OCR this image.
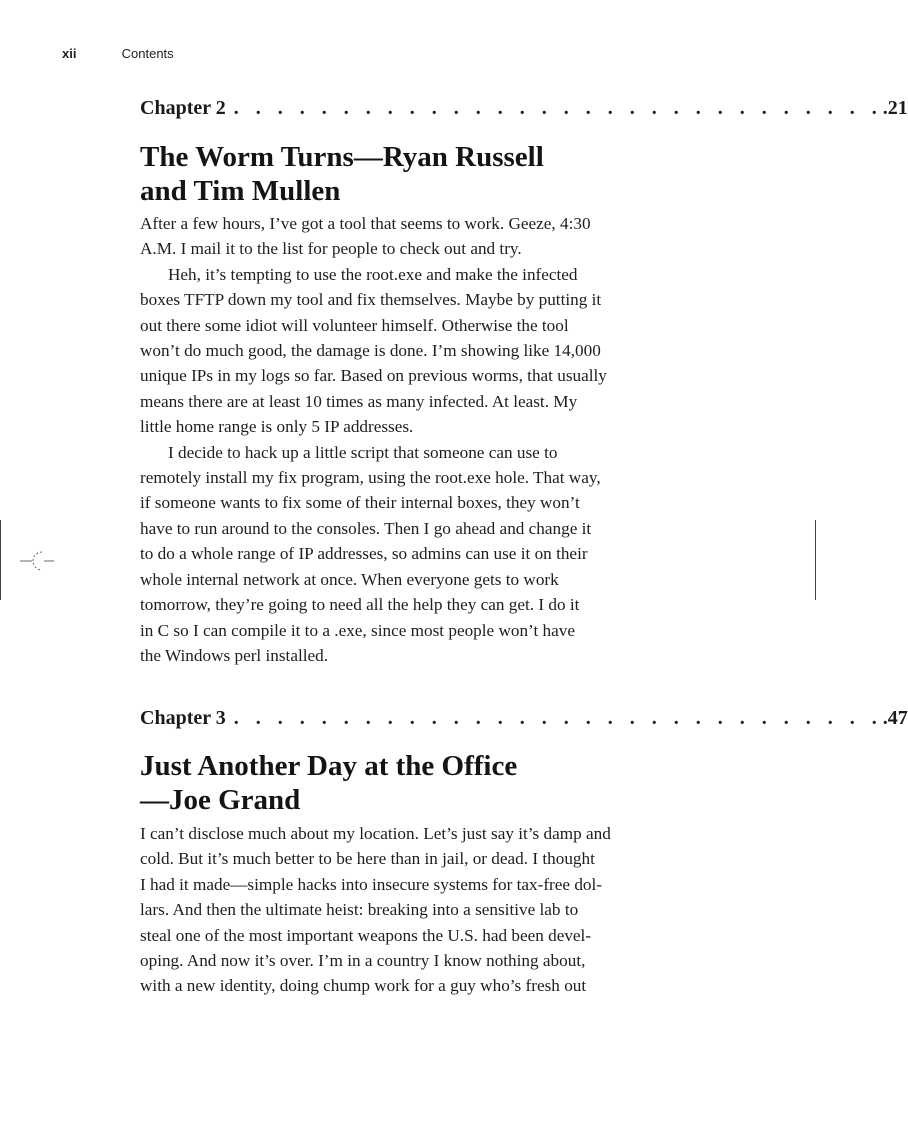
xii	Contents
Chapter 2 . . . . . . . . . . . . . . . . . . . . . . . . . . . . . . .21
The Worm Turns—Ryan Russell
and Tim Mullen

After a few hours, I’ve got a tool that seems to work. Geeze, 4:30
A.M. I mail it to the list for people to check out and try.

Heh, it’s tempting to use the root.exe and make the infected
boxes TFTP down my tool and fix themselves. Maybe by putting it
out there some idiot will volunteer himself. Otherwise the tool
won’t do much good, the damage is done. I’m showing like 14,000
unique IPs in my logs so far. Based on previous worms, that usually
means there are at least 10 times as many infected. At least. My
little home range is only 5 IP addresses.

I decide to hack up a little script that someone can use to
remotely install my fix program, using the root.exe hole. That way,
if someone wants to fix some of their internal boxes, they won’t
have to run around to the consoles. Then I go ahead and change it
to do a whole range of IP addresses, so admins can use it on their
whole internal network at once. When everyone gets to work
tomorrow, they’re going to need all the help they can get. I do it
in C so I can compile it to a .exe, since most people won’t have
the Windows perl installed.

Chapter 3 . . . . . . . . . . . . . . . . . . . . . . . . . . . . . . .47
Just Another Day at the Office
—Joe Grand

I can’t disclose much about my location. Let’s just say it’s damp and
cold. But it’s much better to be here than in jail, or dead. I thought
I had it made—simple hacks into insecure systems for tax-free dol-
lars. And then the ultimate heist: breaking into a sensitive lab to
steal one of the most important weapons the U.S. had been devel-
oping. And now it’s over. I’m in a country I know nothing about,
with a new identity, doing chump work for a guy who’s fresh out
